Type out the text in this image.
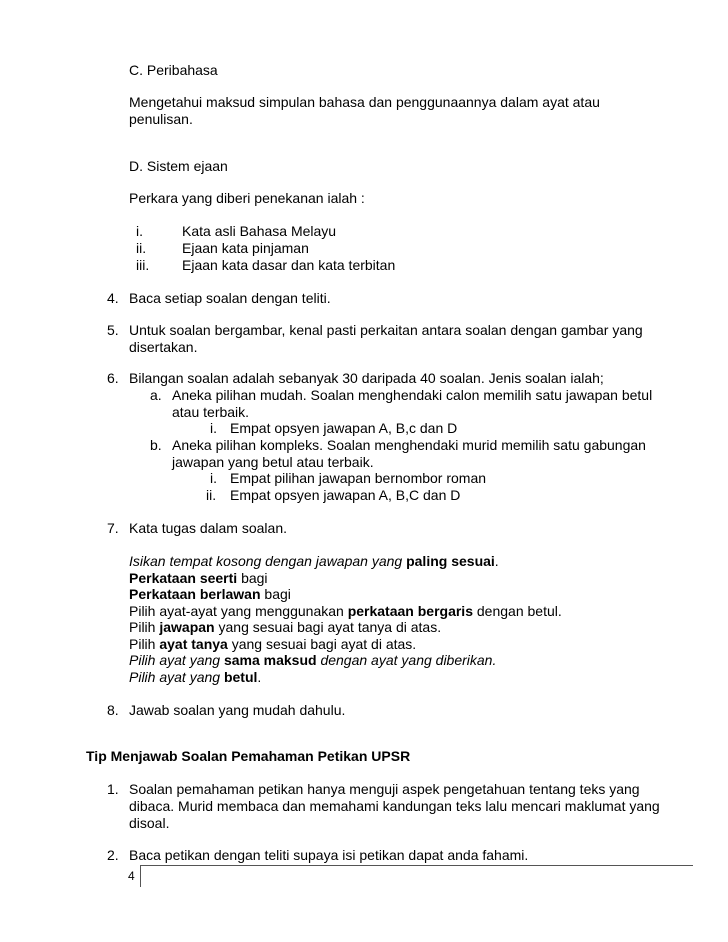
C. Peribahasa
Mengetahui maksud simpulan bahasa dan penggunaannya dalam ayat atau
penulisan.
D. Sistem ejaan
Perkara yang diberi penekanan ialah :
i.	Kata asli Bahasa Melayu
ii.	Ejaan kata pinjaman
iii. Ejaan kata dasar dan kata terbitan
4. Baca setiap soalan dengan teliti.
5. Untuk soalan bergambar, kenal pasti perkaitan antara soalan dengan gambar yang
disertakan.
6. Bilangan soalan adalah sebanyak 30 daripada 40 soalan. Jenis soalan ialah;
a. Aneka pilihan mudah. Soalan menghendaki calon memilih satu jawapan betul
atau terbaik.
i. Empat opsyen jawapan A, B,c dan D
b. Aneka pilihan kompleks. Soalan menghendaki murid memilih satu gabungan
jawapan yang betul atau terbaik.
i. Empat pilihan jawapan bernombor roman
ii. Empat opsyen jawapan A, B,C dan D
7. Kata tugas dalam soalan.
Isikan tempat kosong dengan jawapan yang paling sesuai.
Perkataan seerti bagi
Perkataan berlawan bagi
Pilih ayat-ayat yang menggunakan perkataan bergaris dengan betul.
Pilih jawapan yang sesuai bagi ayat tanya di atas.
Pilih ayat tanya yang sesuai bagi ayat di atas.
Pilih ayat yang sama maksud dengan ayat yang diberikan.
Pilih ayat yang betul.
8. Jawab soalan yang mudah dahulu.
Tip Menjawab Soalan Pemahaman Petikan UPSR
1. Soalan pemahaman petikan hanya menguji aspek pengetahuan tentang teks yang
dibaca. Murid membaca dan memahami kandungan teks lalu mencari maklumat yang
disoal.
2. Baca petikan dengan teliti supaya isi petikan dapat anda fahami.
4
